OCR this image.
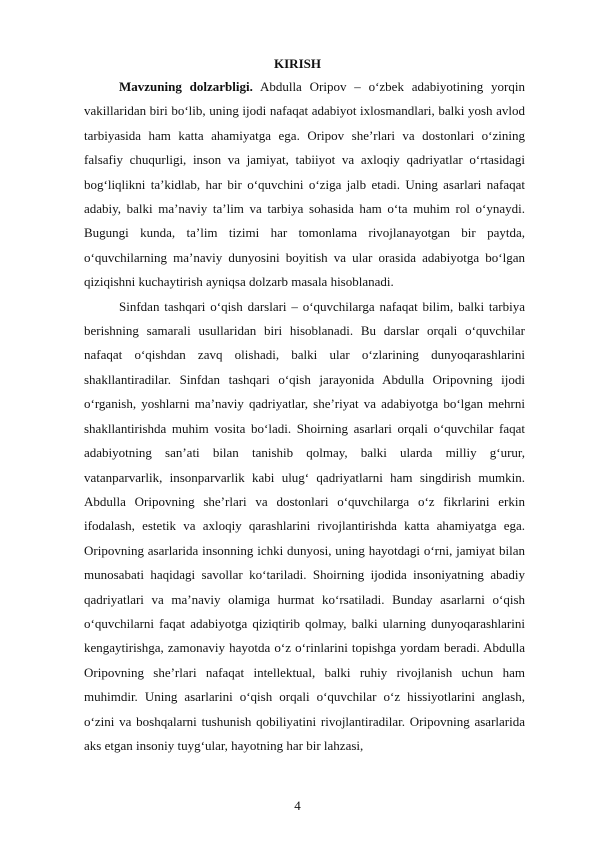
KIRISH

Mavzuning dolzarbligi. Abdulla Oripov – o‘zbek adabiyotining yorqin vakillaridan biri bo‘lib, uning ijodi nafaqat adabiyot ixlosmandlari, balki yosh avlod tarbiyasida ham katta ahamiyatga ega. Oripov she’rlari va dostonlari o‘zining falsafiy chuqurligi, inson va jamiyat, tabiiyot va axloqiy qadriyatlar o‘rtasidagi bog‘liqlikni ta’kidlab, har bir o‘quvchini o‘ziga jalb etadi. Uning asarlari nafaqat adabiy, balki ma’naviy ta’lim va tarbiya sohasida ham o‘ta muhim rol o‘ynaydi. Bugungi kunda, ta’lim tizimi har tomonlama rivojlanayotgan bir paytda, o‘quvchilarning ma’naviy dunyosini boyitish va ular orasida adabiyotga bo‘lgan qiziqishni kuchaytirish ayniqsa dolzarb masala hisoblanadi.

Sinfdan tashqari o‘qish darslari – o‘quvchilarga nafaqat bilim, balki tarbiya berishning samarali usullaridan biri hisoblanadi. Bu darslar orqali o‘quvchilar nafaqat o‘qishdan zavq olishadi, balki ular o‘zlarining dunyoqarashlarini shakllantiradilar. Sinfdan tashqari o‘qish jarayonida Abdulla Oripovning ijodi o‘rganish, yoshlarni ma’naviy qadriyatlar, she’riyat va adabiyotga bo‘lgan mehrni shakllantirishda muhim vosita bo‘ladi. Shoirning asarlari orqali o‘quvchilar faqat adabiyotning san’ati bilan tanishib qolmay, balki ularda milliy g‘urur, vatanparvarlik, insonparvarlik kabi ulug‘ qadriyatlarni ham singdirish mumkin. Abdulla Oripovning she’rlari va dostonlari o‘quvchilarga o‘z fikrlarini erkin ifodalash, estetik va axloqiy qarashlarini rivojlantirishda katta ahamiyatga ega. Oripovning asarlarida insonning ichki dunyosi, uning hayotdagi o‘rni, jamiyat bilan munosabati haqidagi savollar ko‘tariladi. Shoirning ijodida insoniyatning abadiy qadriyatlari va ma’naviy olamiga hurmat ko‘rsatiladi. Bunday asarlarni o‘qish o‘quvchilarni faqat adabiyotga qiziqtirib qolmay, balki ularning dunyoqarashlarini kengaytirishga, zamonaviy hayotda o‘z o‘rinlarini topishga yordam beradi. Abdulla Oripovning she’rlari nafaqat intellektual, balki ruhiy rivojlanish uchun ham muhimdir. Uning asarlarini o‘qish orqali o‘quvchilar o‘z hissiyotlarini anglash, o‘zini va boshqalarni tushunish qobiliyatini rivojlantiradilar. Oripovning asarlarida aks etgan insoniy tuyg‘ular, hayotning har bir lahzasi,

4
